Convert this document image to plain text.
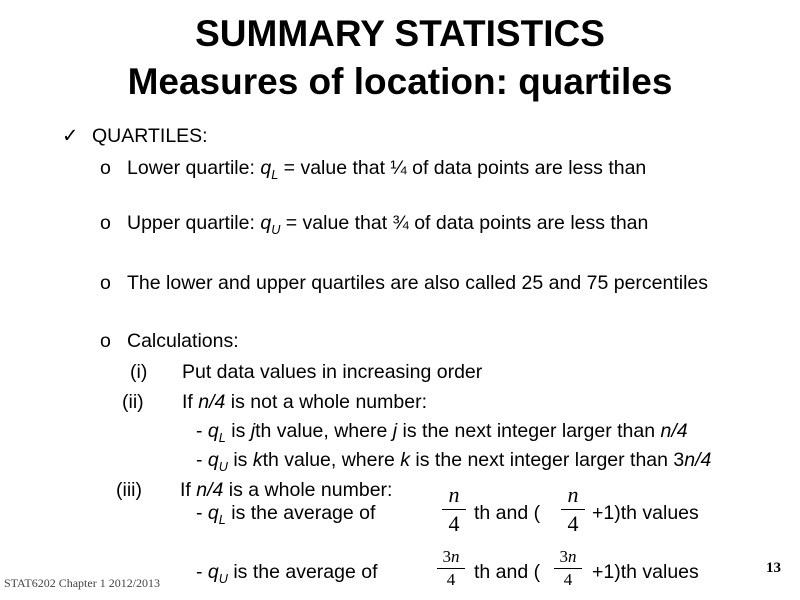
SUMMARY STATISTICS
Measures of location: quartiles
✓ QUARTILES:
o Lower quartile: $q_L$ = value that ¼ of data points are less than
o Upper quartile: $q_U$ = value that ¾ of data points are less than
o The lower and upper quartiles are also called 25 and 75 percentiles
o Calculations:
(i) Put data values in increasing order
(ii) If n/4 is not a whole number:
- $q_L$ is jth value, where j is the next integer larger than n/4
- $q_U$ is kth value, where k is the next integer larger than 3n/4
(iii) If n/4 is a whole number:
- $q_L$ is the average of
n
4 th and (
n
4 +1)th values
- $q_U$ is the average of
3n
4 th and (
3n
4	+1)th values
STAT6202 Chapter 1 2012/2013
13
